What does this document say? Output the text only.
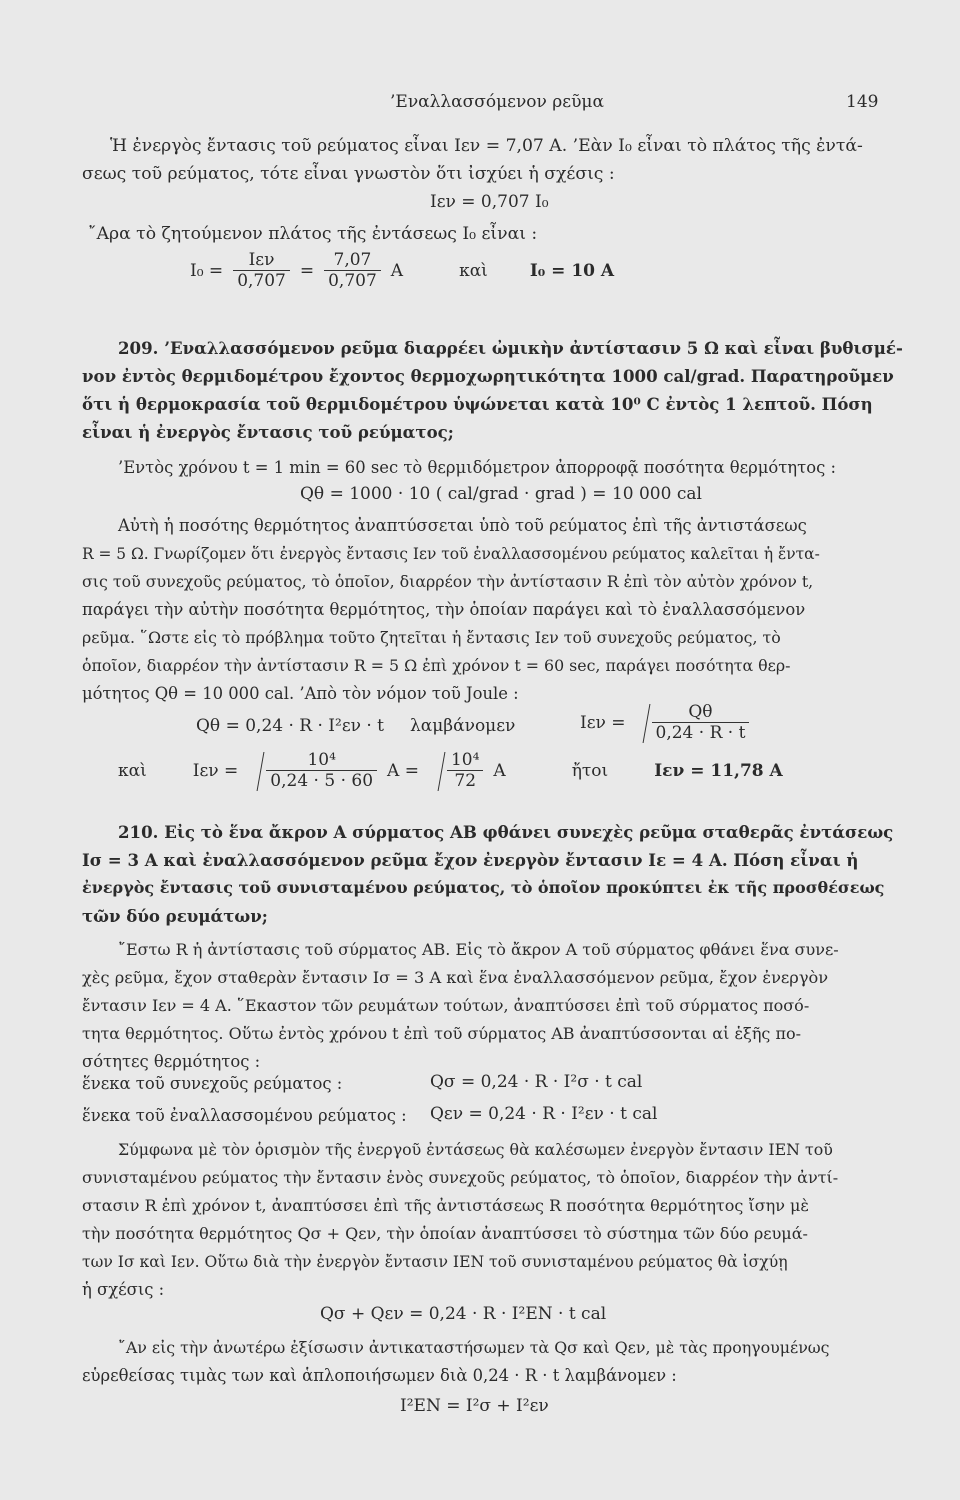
’Εναλλασσόμενον ρεῦμα	149
Ἡ ἐνεργὸς ἔντασις τοῦ ρεύματος εἶναι Iεν = 7,07 Α. ’Εὰν I₀ εἶναι τὸ πλάτος τῆς ἐντά-
σεως τοῦ ρεύματος, τότε εἶναι γνωστὸν ὅτι ἰσχύει ἡ σχέσις :
Iεν = 0,707 I₀
῎Αρα τὸ ζητούμενον πλάτος τῆς ἐντάσεως I₀ εἶναι :
$I_0 = \frac{\text{Iεν}}{0,707} = \frac{7,07}{0,707}$ A	καὶ I₀ = 10 A
209. ’Εναλλασσόμενον ρεῦμα διαρρέει ὠμικὴν ἀντίστασιν 5 Ω καὶ εἶναι βυθισμέ-
νον ἐντὸς θερμιδομέτρου ἔχοντος θερμοχωρητικότητα 1000 cal/grad. Παρατηροῦμεν
ὅτι ἡ θερμοκρασία τοῦ θερμιδομέτρου ὑψώνεται κατὰ 10⁰ C ἐντὸς 1 λεπτοῦ. Πόση
εἶναι ἡ ἐνεργὸς ἔντασις τοῦ ρεύματος;
’Εντὸς χρόνου t = 1 min = 60 sec τὸ θερμιδόμετρον ἀπορροφᾷ ποσότητα θερμότητος :
Qθ = 1000 · 10 ( cal/grad · grad ) = 10 000 cal
Αὐτὴ ἡ ποσότης θερμότητος ἀναπτύσσεται ὑπὸ τοῦ ρεύματος ἐπὶ τῆς ἀντιστάσεως
R = 5 Ω. Γνωρίζομεν ὅτι ἐνεργὸς ἔντασις Iεν τοῦ ἐναλλασσομένου ρεύματος καλεῖται ἡ ἔντα-
σις τοῦ συνεχοῦς ρεύματος, τὸ ὁποῖον, διαρρέον τὴν ἀντίστασιν R ἐπὶ τὸν αὐτὸν χρόνον t,
παράγει τὴν αὐτὴν ποσότητα θερμότητος, τὴν ὁποίαν παράγει καὶ τὸ ἐναλλασσόμενον
ρεῦμα. ῞Ωστε εἰς τὸ πρόβλημα τοῦτο ζητεῖται ἡ ἔντασις Iεν τοῦ συνεχοῦς ρεύματος, τὸ
ὁποῖον, διαρρέον τὴν ἀντίστασιν R = 5 Ω ἐπὶ χρόνον t = 60 sec, παράγει ποσότητα θερ-
μότητος Qθ = 10 000 cal. ’Απὸ τὸν νόμον τοῦ Joule :
Qθ = 0,24 · R · I²εν · t λαμβάνομεν	$I\varepsilon\nu = \frac{Q\theta}{0,24 \cdot R \cdot t}$
καὶ	$I\varepsilon\nu = \frac{\text{10⁴}}{0,24 \cdot 5 \cdot 60}$ $A = \frac{\text{10⁴}}{72}$ A	ἤτοι	Iεν = 11,78 A
210. Εἰς τὸ ἕνα ἄκρον Α σύρματος ΑΒ φθάνει συνεχὲς ρεῦμα σταθερᾶς ἐντάσεως
Iσ = 3 A καὶ ἐναλλασσόμενον ρεῦμα ἔχον ἐνεργὸν ἔντασιν Iε = 4 Α. Πόση εἶναι ἡ
ἐνεργὸς ἔντασις τοῦ συνισταμένου ρεύματος, τὸ ὁποῖον προκύπτει ἐκ τῆς προσθέσεως
τῶν δύο ρευμάτων;
῎Εστω R ἡ ἀντίστασις τοῦ σύρματος ΑΒ. Εἰς τὸ ἄκρον Α τοῦ σύρματος φθάνει ἕνα συνε-
χὲς ρεῦμα, ἔχον σταθερὰν ἔντασιν Iσ = 3 A καὶ ἕνα ἐναλλασσόμενον ρεῦμα, ἔχον ἐνεργὸν
ἔντασιν Iεν = 4 A. ῞Εκαστον τῶν ρευμάτων τούτων, ἀναπτύσσει ἐπὶ τοῦ σύρματος ποσό-
τητα θερμότητος. Οὕτω ἐντὸς χρόνου t ἐπὶ τοῦ σύρματος ΑΒ ἀναπτύσσονται αἱ ἑξῆς πο-
σότητες θερμότητος :
ἕνεκα τοῦ συνεχοῦς ρεύματος :	Qσ = 0,24 · R · I²σ · t cal
ἕνεκα τοῦ ἐναλλασσομένου ρεύματος : Qεν = 0,24 · R · I²εν · t cal
Σύμφωνα μὲ τὸν ὁρισμὸν τῆς ἐνεργοῦ ἐντάσεως θὰ καλέσωμεν ἐνεργὸν ἔντασιν IEN τοῦ
συνισταμένου ρεύματος τὴν ἔντασιν ἑνὸς συνεχοῦς ρεύματος, τὸ ὁποῖον, διαρρέον τὴν ἀντί-
στασιν R ἐπὶ χρόνον t, ἀναπτύσσει ἐπὶ τῆς ἀντιστάσεως R ποσότητα θερμότητος ἴσην μὲ
τὴν ποσότητα θερμότητος Qσ + Qεν, τὴν ὁποίαν ἀναπτύσσει τὸ σύστημα τῶν δύο ρευμά-
των Iσ καὶ Iεν. Οὕτω διὰ τὴν ἐνεργὸν ἔντασιν IEN τοῦ συνισταμένου ρεύματος θὰ ἰσχύῃ
ἡ σχέσις :
Qσ + Qεν = 0,24 · R · I²EN · t cal
῎Αν εἰς τὴν ἀνωτέρω ἐξίσωσιν ἀντικαταστήσωμεν τὰ Qσ καὶ Qεν, μὲ τὰς προηγουμένως
εὑρεθείσας τιμὰς των καὶ ἁπλοποιήσωμεν διὰ 0,24 · R · t λαμβάνομεν :
I²EN = I²σ + I²εν
